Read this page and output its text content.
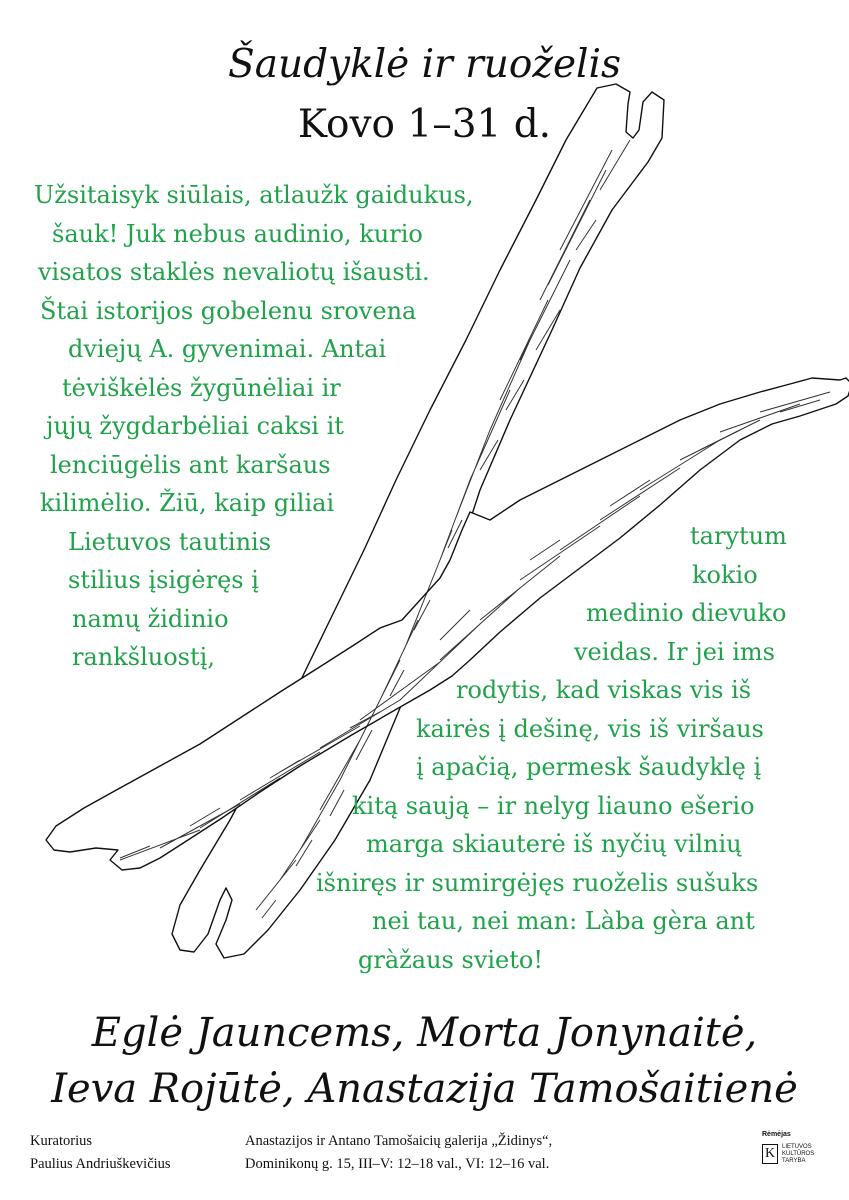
Šaudyklė ir ruoželis
Kovo 1–31 d.
Užsitaisyk siūlais, atlaužk gaidukus,
šauk! Juk nebus audinio, kurio
visatos staklės nevaliotų išausti.
Štai istorijos gobelenu srovena
dviejų A. gyvenimai. Antai
tėviškėlės žygūnėliai ir
jųjų žygdarbėliai caksi it
lenciūgėlis ant karšaus
kilimėlio. Žiū, kaip giliai
Lietuvos tautinis
stilius įsigėręs į
namų židinio
rankšluostį,
tarytum
kokio
medinio dievuko
veidas. Ir jei ims
rodytis, kad viskas vis iš
kairės į dešinę, vis iš viršaus
į apačią, permesk šaudyklę į
kitą saują – ir nelyg liauno ešerio
marga skiauterė iš nyčių vilnių
išniręs ir sumirgėjęs ruoželis sušuks
nei tau, nei man: Làba gèra ant
gràžaus svieto!
Eglė Jauncems, Morta Jonynaitė,
Ieva Rojūtė, Anastazija Tamošaitienė
Kuratorius
Paulius Andriuškevičius
Anastazijos ir Antano Tamošaicių galerija „Židinys“,
Dominikonų g. 15, III–V: 12–18 val., VI: 12–16 val.
Rėmėjas
K	LIETUVOS
KULTŪROS
TARYBA
